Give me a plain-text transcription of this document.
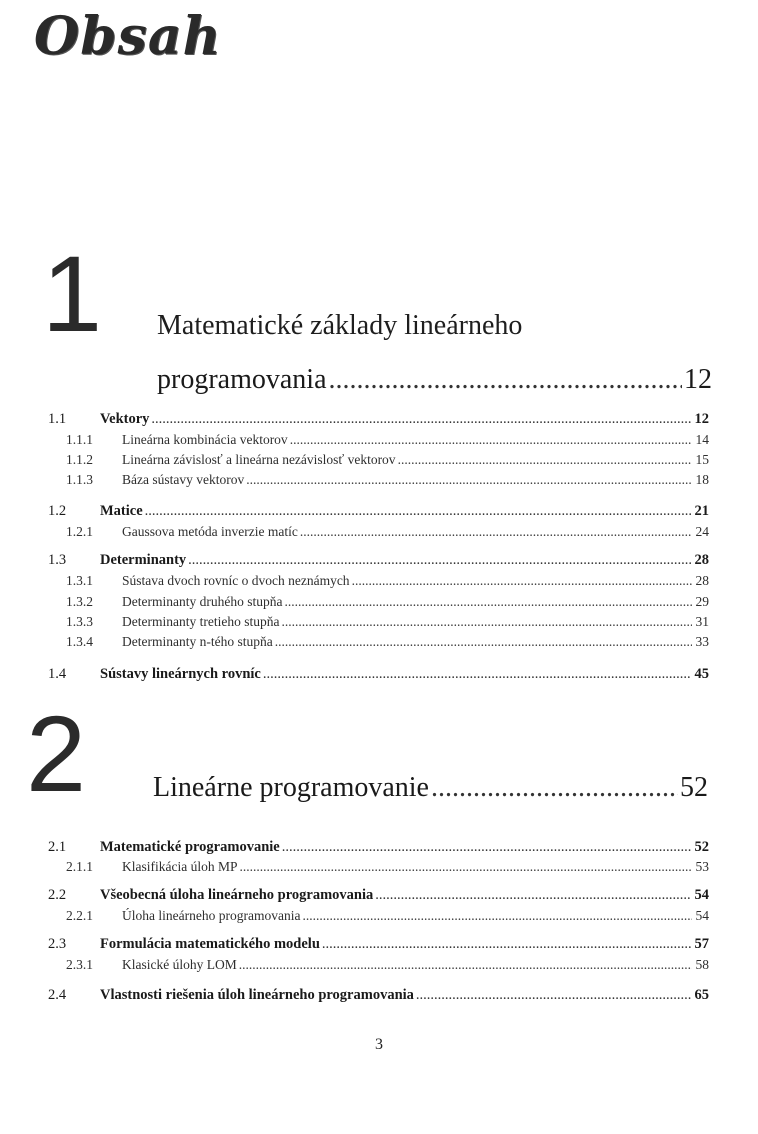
Obsah
1 Matematické základy lineárneho
programovania .....	12
1.1	Vektory .....	12
1.1.1	Lineárna kombinácia vektorov .....	14
1.1.2	Lineárna závislosť a lineárna nezávislosť vektorov .....	15
1.1.3	Báza sústavy vektorov .....	18
1.2	Matice .....	21
1.2.1	Gaussova metóda inverzie matíc .....	24
1.3	Determinanty .....	28
1.3.1	Sústava dvoch rovníc o dvoch neznámych .....	28
1.3.2	Determinanty druhého stupňa .....	29
1.3.3	Determinanty tretieho stupňa .....	31
1.3.4	Determinanty n-tého stupňa .....	33
1.4	Sústavy lineárnych rovníc .....	45
2 Lineárne programovanie .....	52
2.1	Matematické programovanie .....	52
2.1.1	Klasifikácia úloh MP .....	53
2.2	Všeobecná úloha lineárneho programovania .....	54
2.2.1	Úloha lineárneho programovania .....	54
2.3	Formulácia matematického modelu .....	57
2.3.1	Klasické úlohy LOM .....	58
2.4	Vlastnosti riešenia úloh lineárneho programovania .....	65
3
